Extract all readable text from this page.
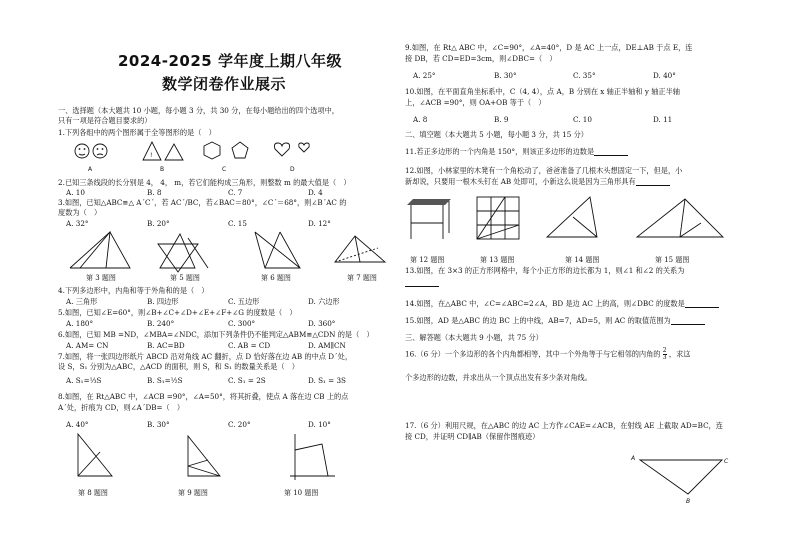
2024-2025 学年度上期八年级
数学闭卷作业展示
一、选择题（本大题共 10 小题，每小题 3 分，共 30 分，在每小题给出的四个选项中，
只有一项是符合题目要求的）
1.下列各组中的两个图形属于全等图形的是（　）
!
A	B	C	D
2.已知三条线段的长分别是 4， 4， m，若它们能构成三角形，则整数 m 的最大值是（　）
A. 10	B. 8	C. 7	D. 4
3.如图，已知△ABC≌△ A´C´，若 AC´/BC，若∠BAC＝80°，∠C´＝68°，则∠B´AC 的
度数为（　）
A. 32°	B. 20°	C. 15	D. 12°
第 3 题图	第 5 题图	第 6 题图	第 7 题图
4.下列多边形中，内角和等于外角和的是（　）
A. 三角形	B. 四边形	C. 五边形	D. 六边形
5.如图，已知∠E=60°，则∠B+∠C+∠D+∠E+∠F+∠G 的度数是（　）
A. 180°	B. 240°	C. 300°	D. 360°
6.如图，已知 MB =ND，∠MBA=∠NDC，添加下列条件仍不能判定△ABM≌△CDN 的是（　）
A. AM= CN	B. AC=BD	C. AB = CD	D. AM∥CN
7.如图，将一张四边形纸片 ABCD 沿对角线 AC 翻折，点 D 恰好落在边 AB 的中点 D´处，
设 S，S₁ 分别为△ABC，△ACD 的面积，则 S，和 S₁ 的数量关系是（　）
A. S₁=⅓S	B. S₁=½S	C. S₁ = 2S	D. S₁ = 3S
8.如图，在 Rt△ABC 中，∠ACB =90°，∠A=50°，将其折叠，使点 A 落在边 CB 上的点
A´处，折痕为 CD，则∠A´DB=（　）
A. 40°	B. 30°	C. 20°	D. 10°
第 8 题图	第 9 题图	第 10 题图
9.如图，在 Rt△ ABC 中，∠C=90°，∠A=40°，D 是 AC 上一点，DE⊥AB 于点 E，连
接 DB，若 CD=ED=3cm，则∠DBC=（　）
A. 25°	B. 30°	C. 35°	D. 40°
10.如图，在平面直角坐标系中，C（4, 4），点 A，B 分别在 x 轴正半轴和 y 轴正半轴
上，∠ACB =90°，则 OA+OB 等于（　）
A. 8	B. 9	C. 10	D. 11
二、填空题（本大题共 5 小题，每小题 3 分，共 15 分）
11.若正多边形的一个内角是 150°，则该正多边形的边数是
12.如图，小林家里的木凳有一个角松动了，爸爸准备了几根木头想固定一下，但是，小
新却说，只要用一根木头钉在 AB 处即可，小新这么说是因为三角形具有
第 12 题图	第 13 题图	第 14 题图	第 15 题图
13.如图，在 3×3 的正方形网格中，每个小正方形的边长都为 1，则∠1 和∠2 的关系为
14.如图，在△ABC 中，∠C=∠ABC=2∠A，BD 是边 AC 上的高，则∠DBC 的度数是
15.如图，AD 是△ABC 的边 BC 上的中线，AB=7，AD=5，则 AC 的取值范围为
三、解答题（本大题共 9 小题，共 75 分）
16.（6 分）一个多边形的各个内角都相等，其中一个外角等于与它相邻的内角的 $\frac{2}{3}$ ，求这
个多边形的边数，并求出从一个顶点出发有多少条对角线。
17.（6 分）利用尺规，在△ABC 的边 AC 上方作∠CAE=∠ACB，在射线 AE 上截取 AD=BC，连
接 CD，并证明 CD∥AB（保留作图痕迹）
A	C
B
